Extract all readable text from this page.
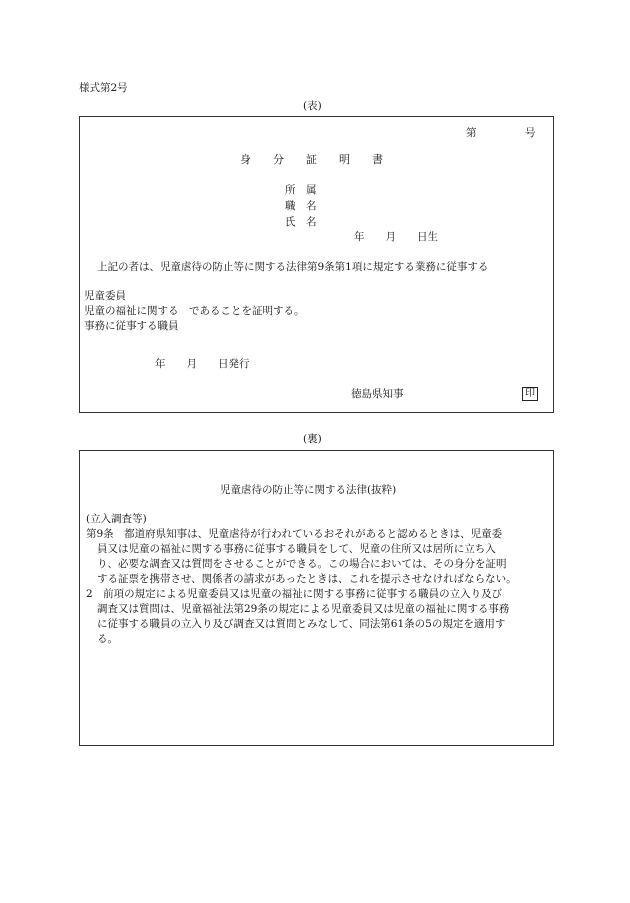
様式第2号
(表)
第	号
身　　分　　証　　明　　書
所　属
職　名
氏　名
年　　月　　日生
上記の者は、児童虐待の防止等に関する法律第9条第1項に規定する業務に従事する
児童委員
児童の福祉に関する　であることを証明する。
事務に従事する職員
年　　月　　日発行
徳島県知事	印
(裏)
児童虐待の防止等に関する法律(抜粋)
(立入調査等)
第9条　都道府県知事は、児童虐待が行われているおそれがあると認めるときは、児童委
員又は児童の福祉に関する事務に従事する職員をして、児童の住所又は居所に立ち入
り、必要な調査又は質問をさせることができる。この場合においては、その身分を証明
する証票を携帯させ、関係者の請求があったときは、これを提示させなければならない。
2　前項の規定による児童委員又は児童の福祉に関する事務に従事する職員の立入り及び
調査又は質問は、児童福祉法第29条の規定による児童委員又は児童の福祉に関する事務
に従事する職員の立入り及び調査又は質問とみなして、同法第61条の5の規定を適用す
る。
